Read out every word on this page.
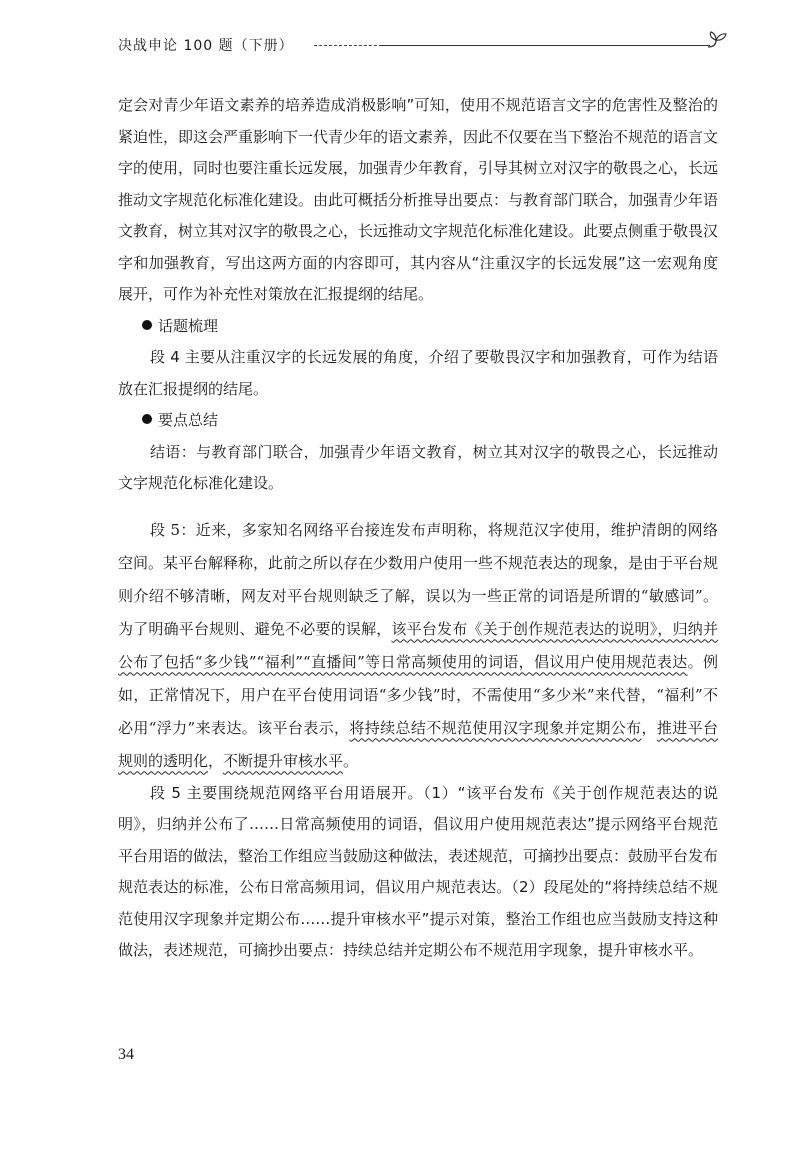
决战申论 100 题（下册）

定会对青少年语文素养的培养造成消极影响”可知，使用不规范语言文字的危害性及整治的紧迫性，即这会严重影响下一代青少年的语文素养，因此不仅要在当下整治不规范的语言文字的使用，同时也要注重长远发展，加强青少年教育，引导其树立对汉字的敬畏之心，长远推动文字规范化标准化建设。由此可概括分析推导出要点：与教育部门联合，加强青少年语文教育，树立其对汉字的敬畏之心，长远推动文字规范化标准化建设。此要点侧重于敬畏汉字和加强教育，写出这两方面的内容即可，其内容从“注重汉字的长远发展”这一宏观角度展开，可作为补充性对策放在汇报提纲的结尾。

话题梳理

段 4 主要从注重汉字的长远发展的角度，介绍了要敬畏汉字和加强教育，可作为结语放在汇报提纲的结尾。

要点总结

结语：与教育部门联合，加强青少年语文教育，树立其对汉字的敬畏之心，长远推动文字规范化标准化建设。

段 5：近来，多家知名网络平台接连发布声明称，将规范汉字使用，维护清朗的网络空间。某平台解释称，此前之所以存在少数用户使用一些不规范表达的现象，是由于平台规则介绍不够清晰，网友对平台规则缺乏了解，误以为一些正常的词语是所谓的“敏感词”。为了明确平台规则、避免不必要的误解，该平台发布《关于创作规范表达的说明》，归纳并公布了包括“多少钱”“福利”“直播间”等日常高频使用的词语，倡议用户使用规范表达。例如，正常情况下，用户在平台使用词语“多少钱”时，不需使用“多少米”来代替，“福利”不必用“浮力”来表达。该平台表示，将持续总结不规范使用汉字现象并定期公布，推进平台规则的透明化，不断提升审核水平。

段 5 主要围绕规范网络平台用语展开。（1）“该平台发布《关于创作规范表达的说明》，归纳并公布了……日常高频使用的词语，倡议用户使用规范表达”提示网络平台规范平台用语的做法，整治工作组应当鼓励这种做法，表述规范，可摘抄出要点：鼓励平台发布规范表达的标准，公布日常高频用词，倡议用户规范表达。（2）段尾处的“将持续总结不规范使用汉字现象并定期公布……提升审核水平”提示对策，整治工作组也应当鼓励支持这种做法，表述规范，可摘抄出要点：持续总结并定期公布不规范用字现象，提升审核水平。

34
